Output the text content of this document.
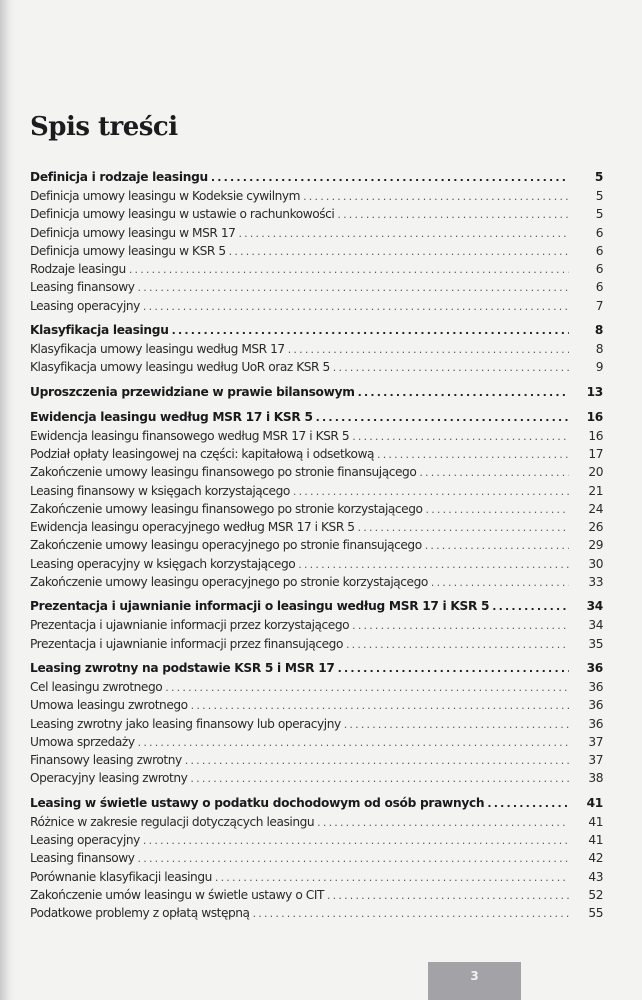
Spis treści
Definicja i rodzaje leasingu .....	5
Definicja umowy leasingu w Kodeksie cywilnym .....	5
Definicja umowy leasingu w ustawie o rachunkowości .....	5
Definicja umowy leasingu w MSR 17 .....	6
Definicja umowy leasingu w KSR 5 .....	6
Rodzaje leasingu .....	6
Leasing finansowy .....	6
Leasing operacyjny .....	7
Klasyfikacja leasingu .....	8
Klasyfikacja umowy leasingu według MSR 17 .....	8
Klasyfikacja umowy leasingu według UoR oraz KSR 5 .....	9
Uproszczenia przewidziane w prawie bilansowym .....	13
Ewidencja leasingu według MSR 17 i KSR 5 .....	16
Ewidencja leasingu finansowego według MSR 17 i KSR 5 .....	16
Podział opłaty leasingowej na części: kapitałową i odsetkową .....	17
Zakończenie umowy leasingu finansowego po stronie finansującego .....	20
Leasing finansowy w księgach korzystającego .....	21
Zakończenie umowy leasingu finansowego po stronie korzystającego .....	24
Ewidencja leasingu operacyjnego według MSR 17 i KSR 5 .....	26
Zakończenie umowy leasingu operacyjnego po stronie finansującego .....	29
Leasing operacyjny w księgach korzystającego .....	30
Zakończenie umowy leasingu operacyjnego po stronie korzystającego .....	33
Prezentacja i ujawnianie informacji o leasingu według MSR 17 i KSR 5 .....	34
Prezentacja i ujawnianie informacji przez korzystającego .....	34
Prezentacja i ujawnianie informacji przez finansującego .....	35
Leasing zwrotny na podstawie KSR 5 i MSR 17 .....	36
Cel leasingu zwrotnego .....	36
Umowa leasingu zwrotnego .....	36
Leasing zwrotny jako leasing finansowy lub operacyjny .....	36
Umowa sprzedaży .....	37
Finansowy leasing zwrotny .....	37
Operacyjny leasing zwrotny .....	38
Leasing w świetle ustawy o podatku dochodowym od osób prawnych .....	41
Różnice w zakresie regulacji dotyczących leasingu .....	41
Leasing operacyjny .....	41
Leasing finansowy .....	42
Porównanie klasyfikacji leasingu .....	43
Zakończenie umów leasingu w świetle ustawy o CIT .....	52
Podatkowe problemy z opłatą wstępną .....	55
3
